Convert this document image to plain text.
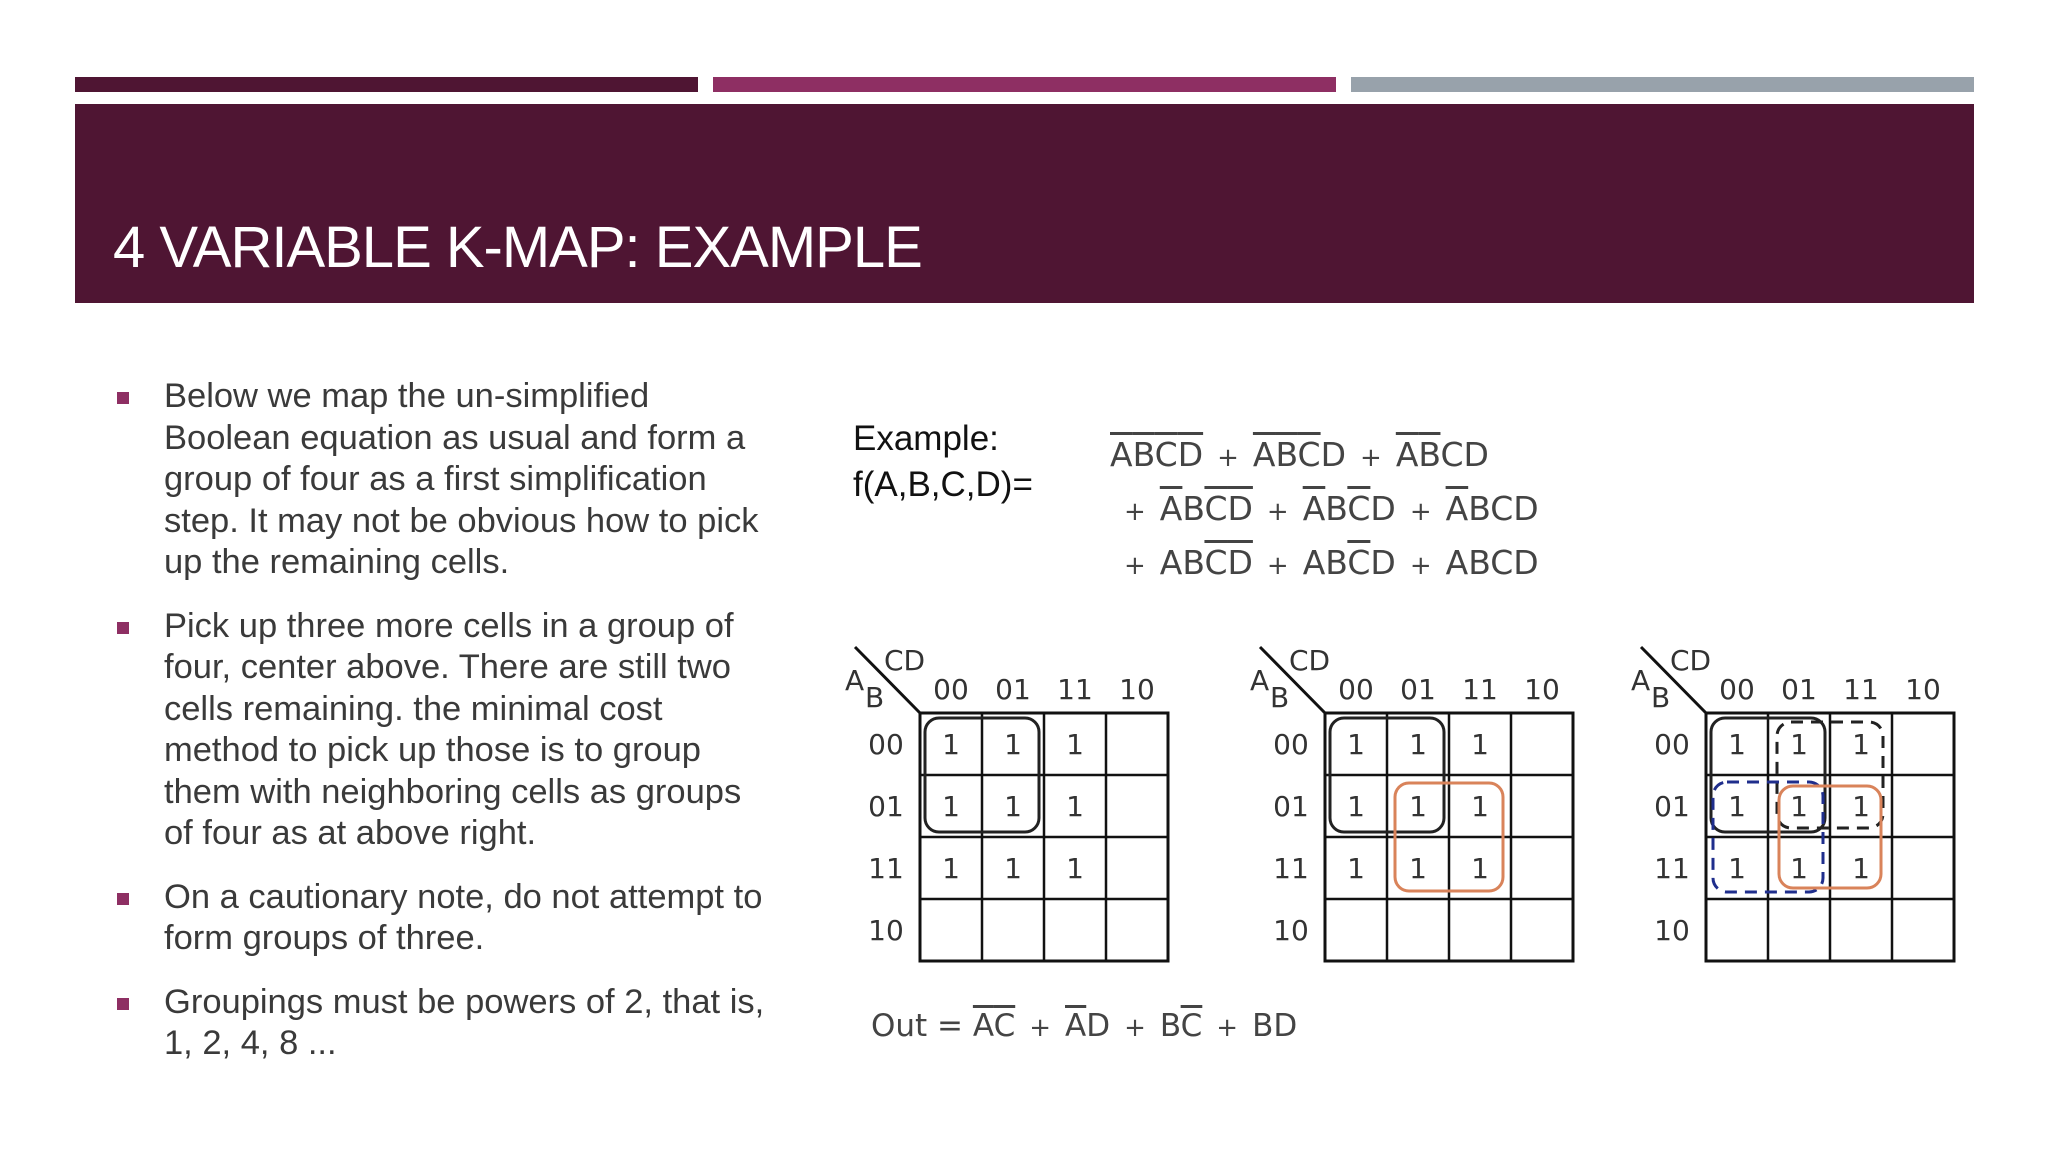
4 VARIABLE K-MAP: EXAMPLE
Below we map the un-simplified Boolean equation as usual and form a group of four as a first simplification step. It may not be obvious how to pick up the remaining cells.
Pick up three more cells in a group of four, center above. There are still two cells remaining. the minimal cost method to pick up those is to group them with neighboring cells as groups of four as at above right.
On a cautionary note, do not attempt to form groups of three.
Groupings must be powers of 2, that is, 1, 2, 4, 8 ...
Example:
f(A,B,C,D)=
$\overline{A}\overline{B}\overline{C}\overline{D} + \overline{A}\overline{B}\overline{C}D + \overline{A}\overline{B}CD$
+ $\overline{A}B\overline{C}\overline{D} + \overline{A}B\overline{C}D + \overline{A}BCD$
+ $AB\overline{C}\overline{D} + AB\overline{C}D$ + ABCD
CD
A
B 00 01 11 10
00
01
11
10
1 1 1
1 1 1
1 1 1
CD
A
B 00 01 11 10
00
01
11
10
1 1 1
1 1 1
1 1 1
CD
A
B 00 01 11 10
00
01
11
10
1 1 1
1 1 1
1 1 1
Out = $\overline{A}\overline{C} + \overline{A}D + B\overline{C}$ + BD
